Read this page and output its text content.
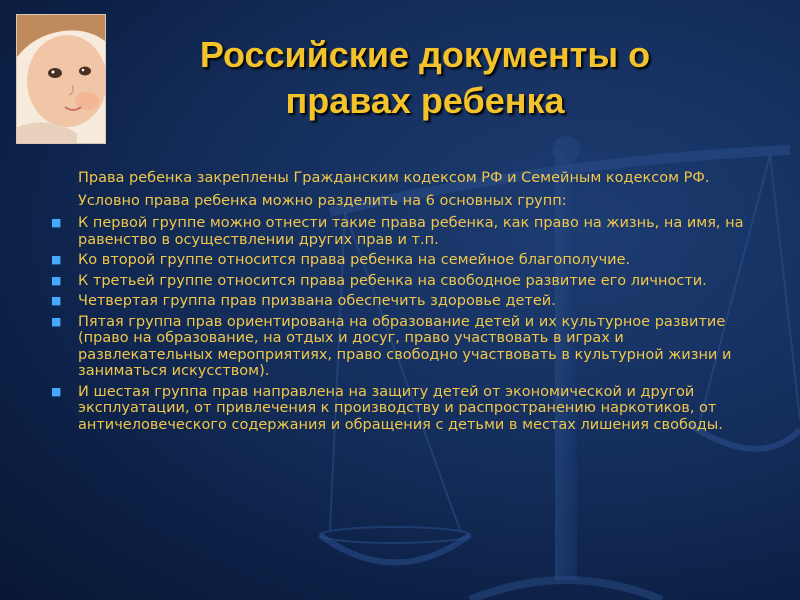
Российские документы о
правах ребенка
Права ребенка закреплены Гражданским кодексом РФ и Семейным кодексом РФ.
Условно права ребенка можно разделить на 6 основных групп:
■ К первой группе можно отнести такие права ребенка, как право на жизнь, на имя, на равенство в осуществлении других прав и т.п.
■ Ко второй группе относится права ребенка на семейное благополучие.
■ К третьей группе относится права ребенка на свободное развитие его личности.
■ Четвертая группа прав призвана обеспечить здоровье детей.
■ Пятая группа прав ориентирована на образование детей и их культурное развитие (право на образование, на отдых и досуг, право участвовать в играх и развлекательных мероприятиях, право свободно участвовать в культурной жизни и заниматься искусством).
■ И шестая группа прав направлена на защиту детей от экономической и другой эксплуатации, от привлечения к производству и распространению наркотиков, от античеловеческого содержания и обращения с детьми в местах лишения свободы.
